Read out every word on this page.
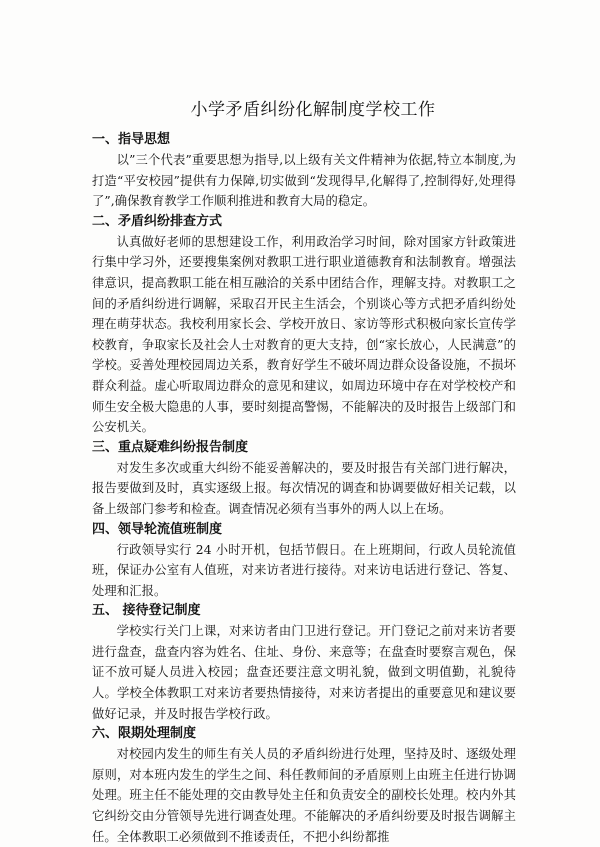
小学矛盾纠纷化解制度学校工作
一、指导思想

以”三个代表”重要思想为指导,以上级有关文件精神为依据,特立本制度,为打造“平安校园”提供有力保障,切实做到“发现得早,化解得了,控制得好,处理得了”,确保教育教学工作顺利推进和教育大局的稳定。

二、矛盾纠纷排查方式

认真做好老师的思想建设工作，利用政治学习时间，除对国家方针政策进行集中学习外，还要搜集案例对教职工进行职业道德教育和法制教育。增强法律意识，提高教职工能在相互融洽的关系中团结合作，理解支持。对教职工之间的矛盾纠纷进行调解，采取召开民主生活会，个别谈心等方式把矛盾纠纷处理在萌芽状态。我校利用家长会、学校开放日、家访等形式积极向家长宣传学校教育，争取家长及社会人士对教育的更大支持，创“家长放心，人民满意”的学校。妥善处理校园周边关系，教育好学生不破坏周边群众设备设施，不损坏群众利益。虚心听取周边群众的意见和建议，如周边环境中存在对学校校产和师生安全极大隐患的人事，要时刻提高警惕，不能解决的及时报告上级部门和公安机关。

三、重点疑难纠纷报告制度

对发生多次或重大纠纷不能妥善解决的，要及时报告有关部门进行解决，报告要做到及时，真实逐级上报。每次情况的调查和协调要做好相关记载，以备上级部门参考和检查。调查情况必须有当事外的两人以上在场。

四、领导轮流值班制度

行政领导实行 24 小时开机，包括节假日。在上班期间，行政人员轮流值班，保证办公室有人值班，对来访者进行接待。对来访电话进行登记、答复、处理和汇报。

五、 接待登记制度

学校实行关门上课，对来访者由门卫进行登记。开门登记之前对来访者要进行盘查，盘查内容为姓名、住址、身份、来意等；在盘查时要察言观色，保证不放可疑人员进入校园；盘查还要注意文明礼貌，做到文明值勤，礼貌待人。学校全体教职工对来访者要热情接待，对来访者提出的重要意见和建议要做好记录，并及时报告学校行政。

六、限期处理制度

对校园内发生的师生有关人员的矛盾纠纷进行处理，坚持及时、逐级处理原则，对本班内发生的学生之间、科任教师间的矛盾原则上由班主任进行协调处理。班主任不能处理的交由教导处主任和负责安全的副校长处理。校内外其它纠纷交由分管领导先进行调查处理。不能解决的矛盾纠纷要及时报告调解主任。全体教职工必须做到不推诿责任，不把小纠纷都推
